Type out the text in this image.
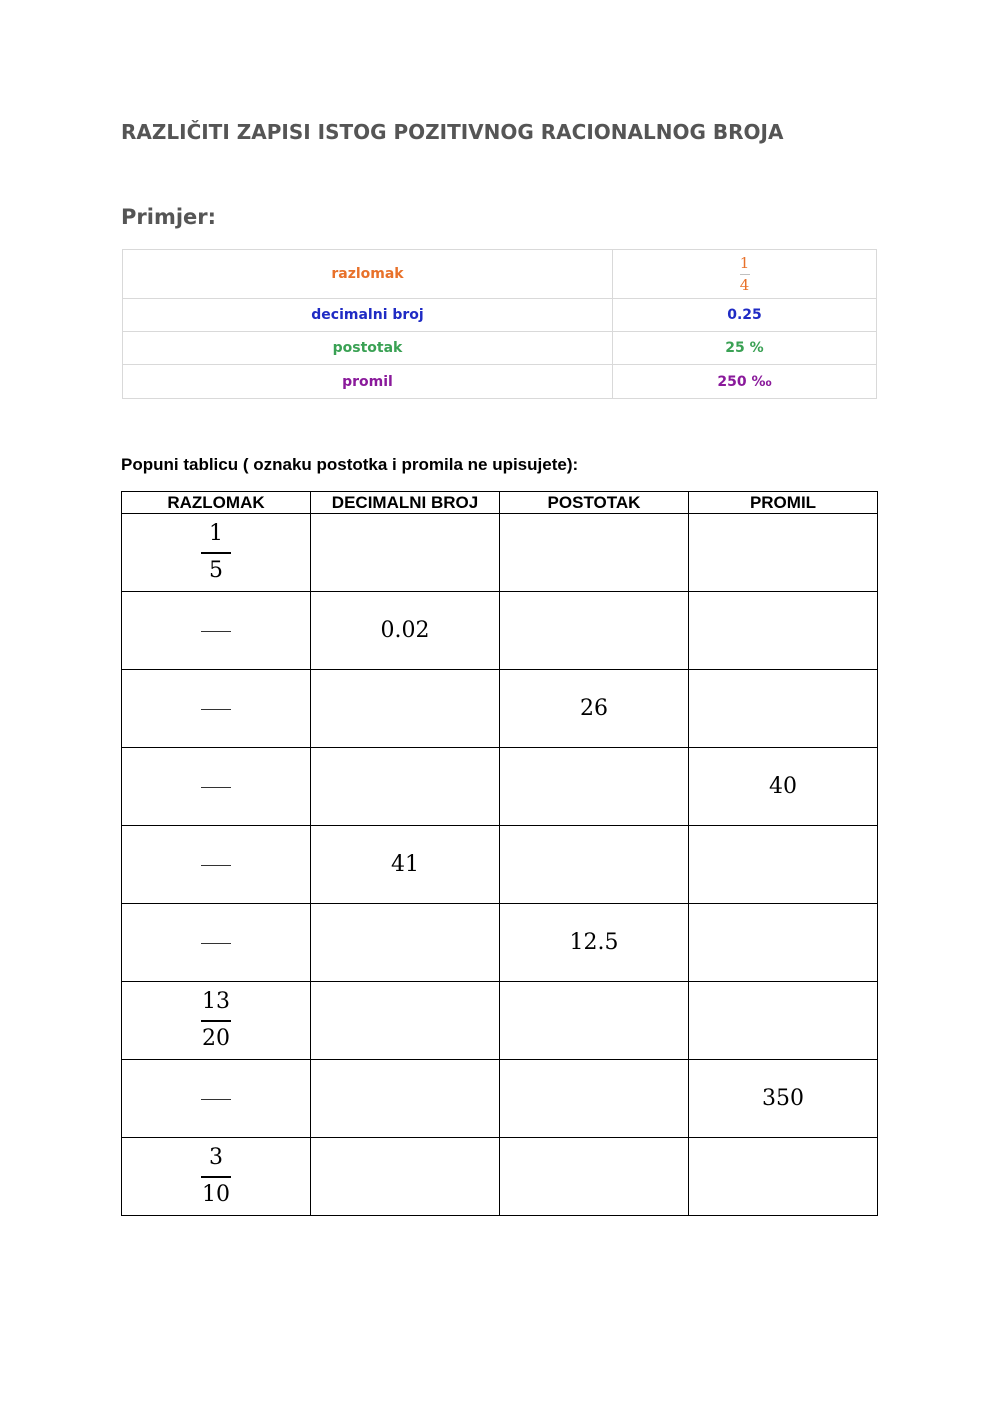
RAZLIČITI ZAPISI ISTOG POZITIVNOG RACIONALNOG BROJA
Primjer:
razlomak	$\frac{1}{4}$

decimalni broj	0.25
postotak	25 %
promil	250 ‰
Popuni tablicu ( oznaku postotka i promila ne upisujete):
RAZLOMAK	DECIMALNI BROJ	POSTOTAK	PROMIL

$\frac{1}{5}$

	0.02		
		26	
			40
	41		
		12.5	

$\frac{13}{20}$

			350

$\frac{3}{10}$
